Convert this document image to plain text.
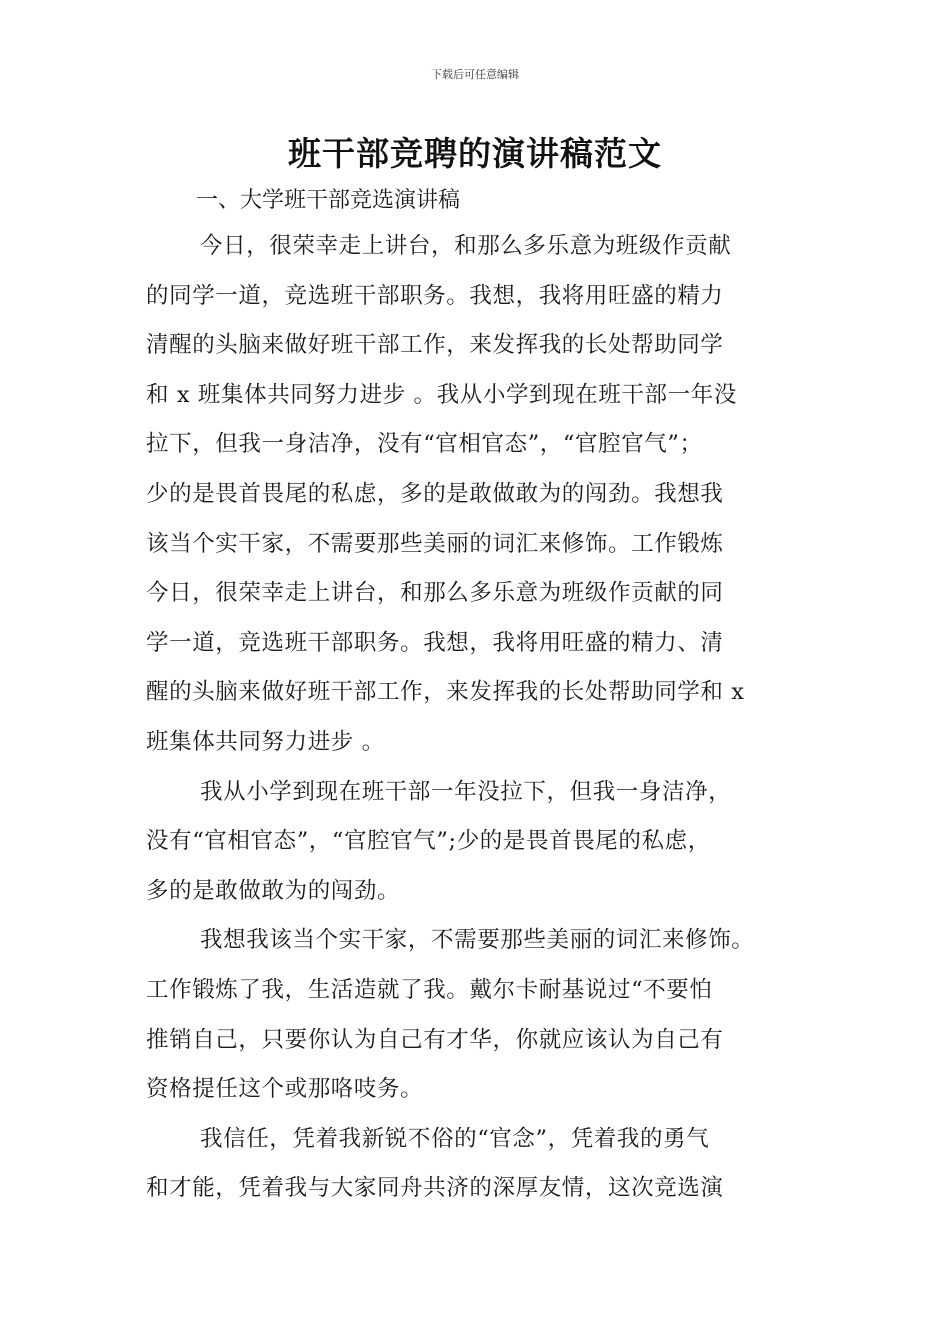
下载后可任意编辑
班干部竞聘的演讲稿范文
一、大学班干部竞选演讲稿
今日，很荣幸走上讲台，和那么多乐意为班级作贡献
的同学一道，竞选班干部职务。我想，我将用旺盛的精力
清醒的头脑来做好班干部工作，来发挥我的长处帮助同学
和 x 班集体共同努力进步 。我从小学到现在班干部一年没
拉下，但我一身洁净，没有“官相官态”，“官腔官气”；
少的是畏首畏尾的私虑，多的是敢做敢为的闯劲。我想我
该当个实干家，不需要那些美丽的词汇来修饰。工作锻炼
今日，很荣幸走上讲台，和那么多乐意为班级作贡献的同
学一道，竞选班干部职务。我想，我将用旺盛的精力、清
醒的头脑来做好班干部工作，来发挥我的长处帮助同学和 x
班集体共同努力进步 。
我从小学到现在班干部一年没拉下，但我一身洁净，
没有“官相官态”，“官腔官气”;少的是畏首畏尾的私虑，
多的是敢做敢为的闯劲。
我想我该当个实干家，不需要那些美丽的词汇来修饰。
工作锻炼了我，生活造就了我。戴尔卡耐基说过“不要怕
推销自己，只要你认为自己有才华，你就应该认为自己有
资格提任这个或那咯吱务。
我信任，凭着我新锐不俗的“官念”，凭着我的勇气
和才能，凭着我与大家同舟共济的深厚友情，这次竞选演
